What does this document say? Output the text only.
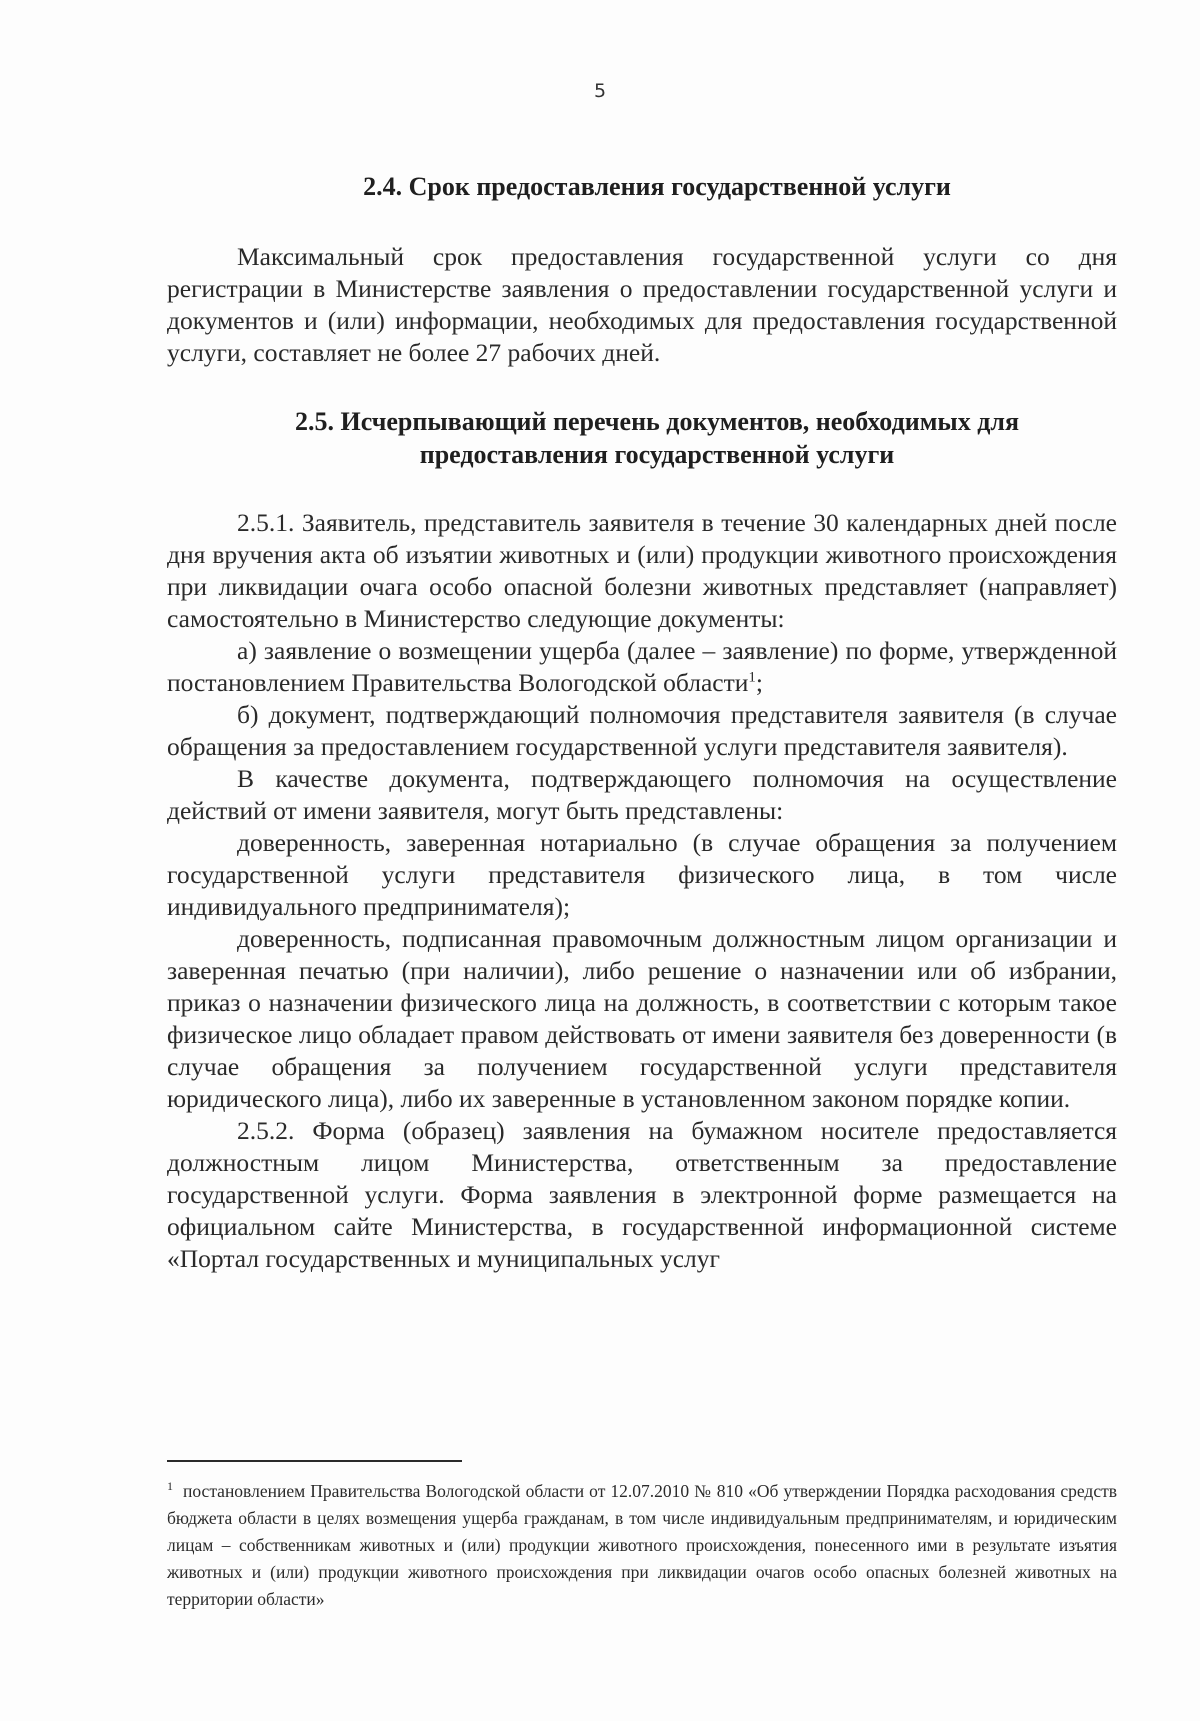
5
2.4. Срок предоставления государственной услуги

Максимальный срок предоставления государственной услуги со дня регистрации в Министерстве заявления о предоставлении государственной услуги и документов и (или) информации, необходимых для предоставления государственной услуги, составляет не более 27 рабочих дней.

2.5. Исчерпывающий перечень документов, необходимых для
предоставления государственной услуги

2.5.1. Заявитель, представитель заявителя в течение 30 календарных дней после дня вручения акта об изъятии животных и (или) продукции животного происхождения при ликвидации очага особо опасной болезни животных представляет (направляет) самостоятельно в Министерство следующие документы:

а) заявление о возмещении ущерба (далее – заявление) по форме, утвержденной постановлением Правительства Вологодской области$^1$;

б) документ, подтверждающий полномочия представителя заявителя (в случае обращения за предоставлением государственной услуги представителя заявителя).

В качестве документа, подтверждающего полномочия на осуществление действий от имени заявителя, могут быть представлены:

доверенность, заверенная нотариально (в случае обращения за получением государственной услуги представителя физического лица, в том числе индивидуального предпринимателя);

доверенность, подписанная правомочным должностным лицом организации и заверенная печатью (при наличии), либо решение о назначении или об избрании, приказ о назначении физического лица на должность, в соответствии с которым такое физическое лицо обладает правом действовать от имени заявителя без доверенности (в случае обращения за получением государственной услуги представителя юридического лица), либо их заверенные в установленном законом порядке копии.

2.5.2. Форма (образец) заявления на бумажном носителе предоставляется должностным лицом Министерства, ответственным за предоставление государственной услуги. Форма заявления в электронной форме размещается на официальном сайте Министерства, в государственной информационной системе «Портал государственных и муниципальных услуг

$^1$ постановлением Правительства Вологодской области от 12.07.2010 № 810 «Об утверждении Порядка расходования средств бюджета области в целях возмещения ущерба гражданам, в том числе индивидуальным предпринимателям, и юридическим лицам – собственникам животных и (или) продукции животного происхождения, понесенного ими в результате изъятия животных и (или) продукции животного происхождения при ликвидации очагов особо опасных болезней животных на территории области»
